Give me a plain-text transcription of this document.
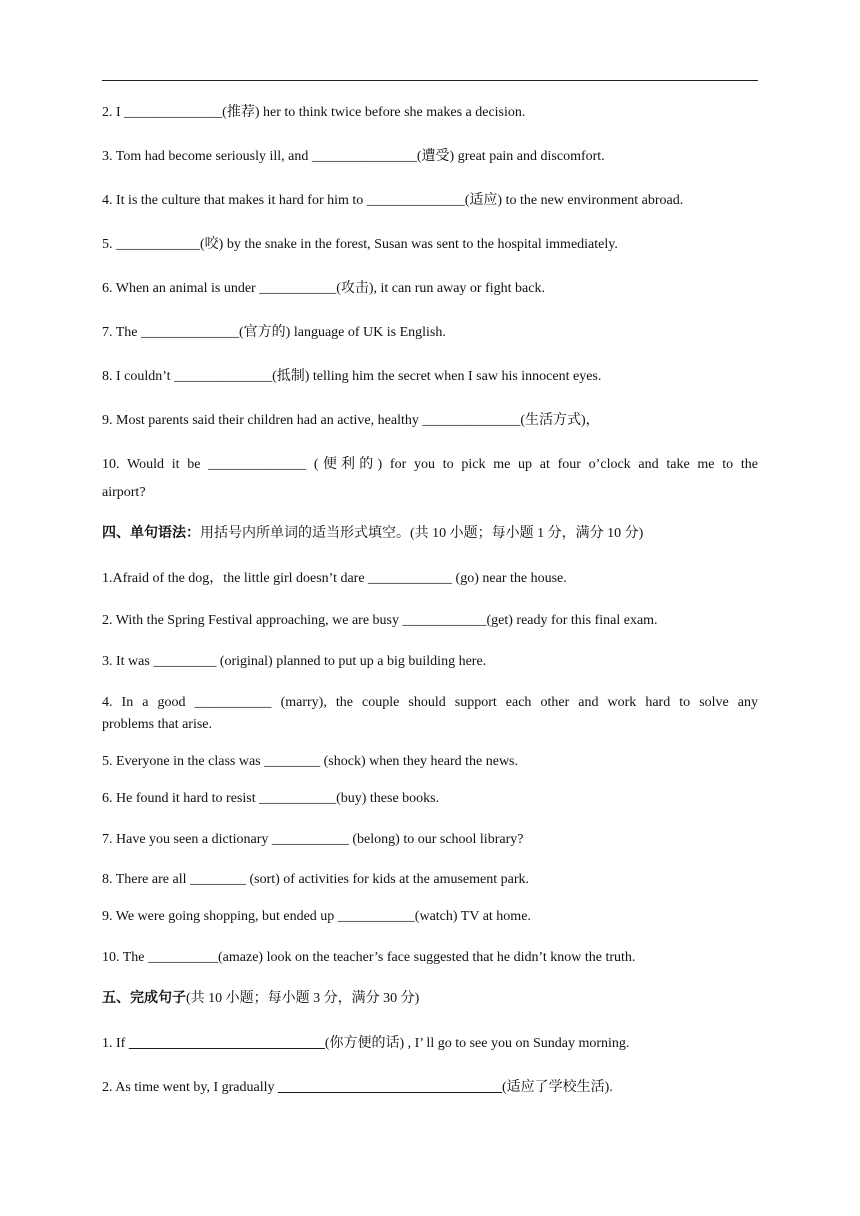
2. I ______________(推荐) her to think twice before she makes a decision.
3. Tom had become seriously ill, and _______________(遭受) great pain and discomfort.
4. It is the culture that makes it hard for him to ______________(适应) to the new environment abroad.
5. ____________(咬) by the snake in the forest, Susan was sent to the hospital immediately.
6. When an animal is under ___________(攻击), it can run away or fight back.
7. The ______________(官方的) language of UK is English.
8. I couldn’t ______________(抵制) telling him the secret when I saw his innocent eyes.
9. Most parents said their children had an active, healthy ______________(生活方式)，
10. Would it be ______________ (便利的) for you to pick me up at four o’clock and take me to the
airport?
四、单句语法：用括号内所单词的适当形式填空。(共 10 小题；每小题 1 分，满分 10 分)
1.Afraid of the dog，the little girl doesn’t dare ____________ (go) near the house.
2. With the Spring Festival approaching, we are busy ____________(get) ready for this final exam.
3. It was _________ (original) planned to put up a big building here.
4. In a good ___________ (marry), the couple should support each other and work hard to solve any
problems that arise.
5. Everyone in the class was ________ (shock) when they heard the news.
6. He found it hard to resist ___________(buy) these books.
7. Have you seen a dictionary ___________ (belong) to our school library?
8. There are all ________ (sort) of activities for kids at the amusement park.
9. We were going shopping, but ended up ___________(watch) TV at home.
10. The __________(amaze) look on the teacher’s face suggested that he didn’t know the truth.
五、完成句子(共 10 小题；每小题 3 分，满分 30 分)
1. If ____________________________(你方便的话) , I’ ll go to see you on Sunday morning.
2. As time went by, I gradually ________________________________(适应了学校生活).
